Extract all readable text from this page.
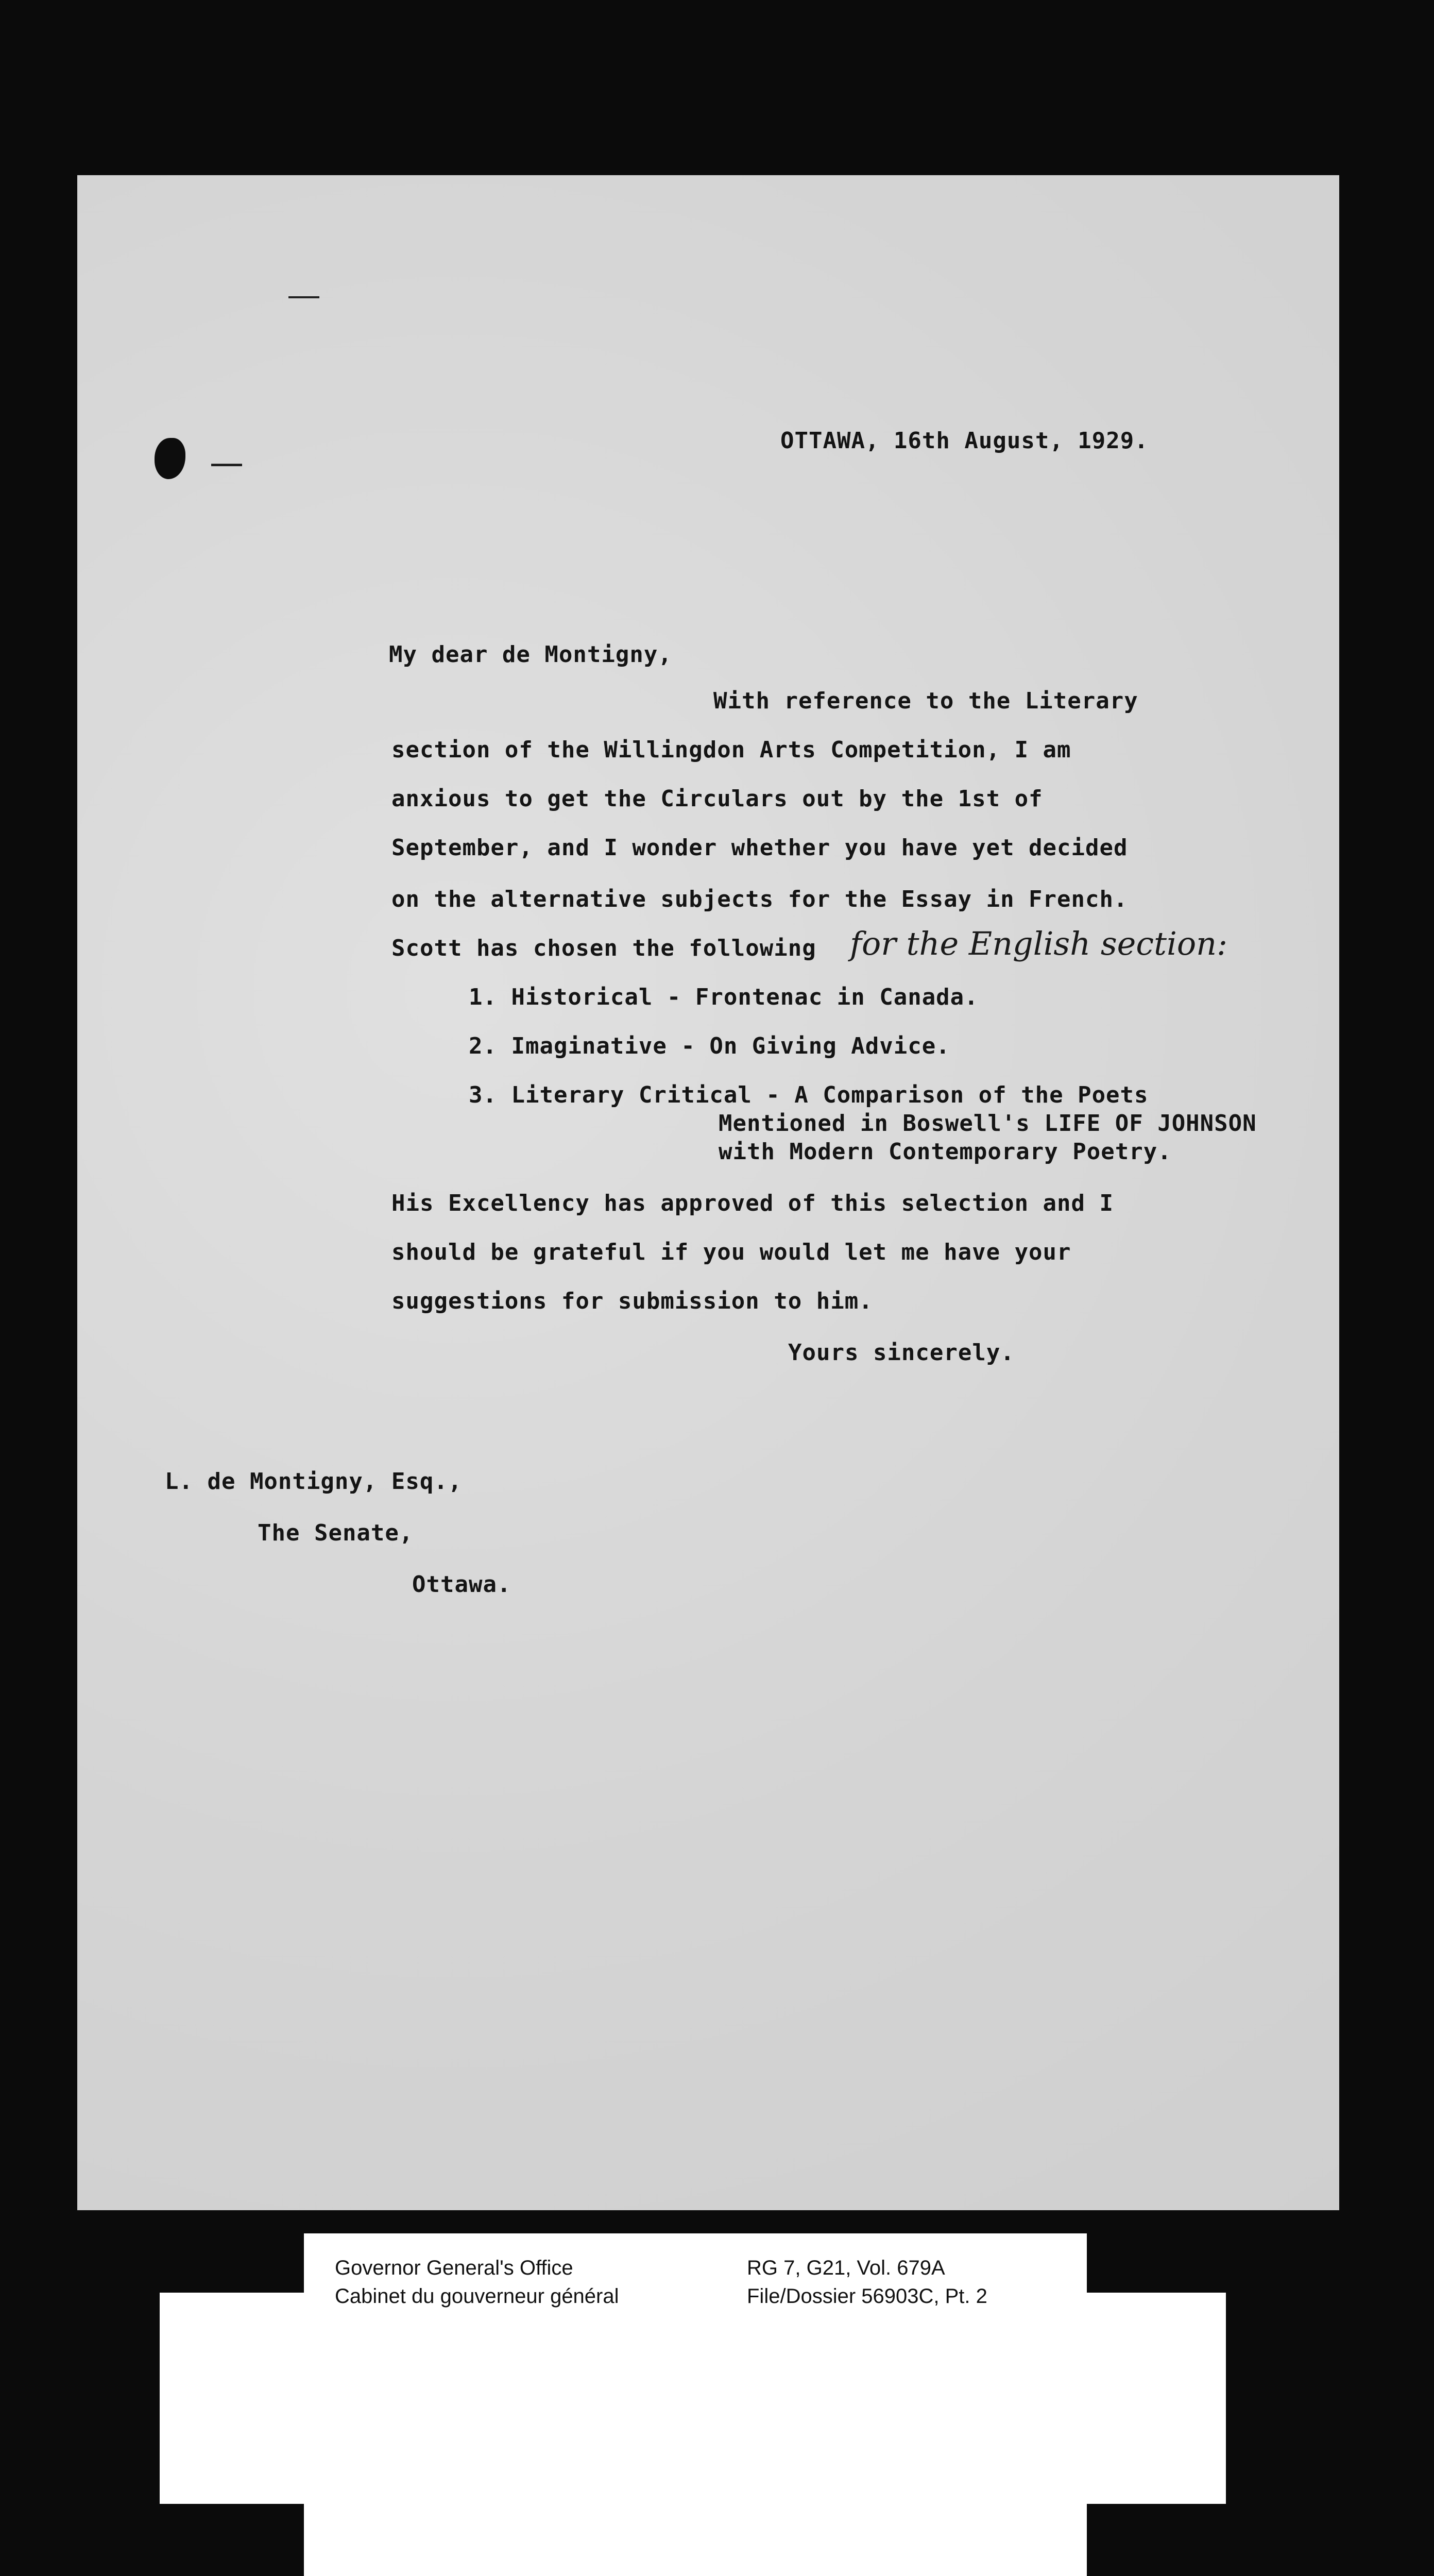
OTTAWA, 16th August, 1929.
My dear de Montigny,
With reference to the Literary
section of the Willingdon Arts Competition, I am
anxious to get the Circulars out by the 1st of
September, and I wonder whether you have yet decided
on the alternative subjects for the Essay in French.
Scott has chosen the following for the English section:
1. Historical - Frontenac in Canada.
2. Imaginative - On Giving Advice.
3. Literary Critical - A Comparison of the Poets
Mentioned in Boswell's LIFE OF JOHNSON
with Modern Contemporary Poetry.
His Excellency has approved of this selection and I
should be grateful if you would let me have your
suggestions for submission to him.
Yours sincerely.
L. de Montigny, Esq.,
The Senate,
Ottawa.
Governor General's Office
Cabinet du gouverneur général
RG 7, G21, Vol. 679A
File/Dossier 56903C, Pt. 2
